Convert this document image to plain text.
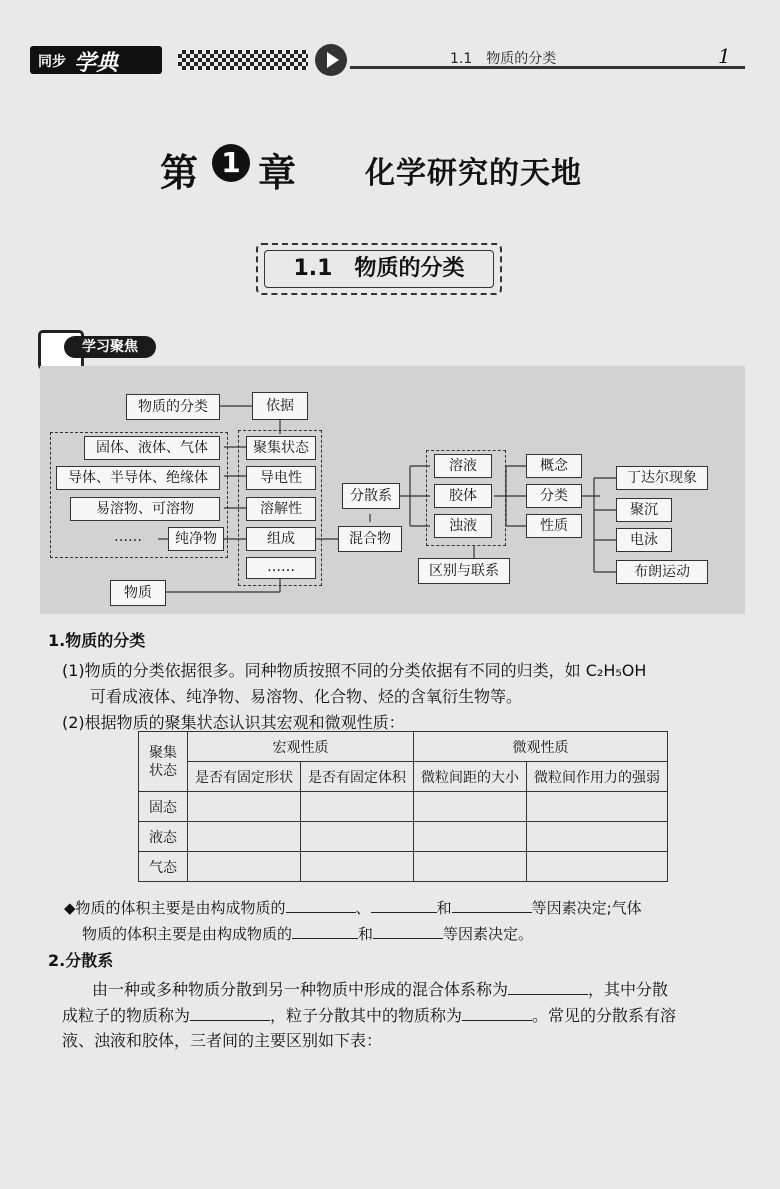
同步 学典	1.1　物质的分类	1
第 1 章 化学研究的天地
1.1　物质的分类
学习聚焦
物质的分类	依据
固体、液体、气体
导体、半导体、绝缘体
易溶物、可溶物
……	纯净物
物质
聚集状态
导电性
溶解性
组成
……
分散系
混合物
溶液
胶体
浊液
区别与联系
概念
分类
性质
丁达尔现象
聚沉
电泳
布朗运动
1.物质的分类
(1)物质的分类依据很多。同种物质按照不同的分类依据有不同的归类，如 C₂H₅OH
可看成液体、纯净物、易溶物、化合物、烃的含氧衍生物等。
(2)根据物质的聚集状态认识其宏观和微观性质：
聚集状态	宏观性质		微观性质	
	是否有固定形状	是否有固定体积	微粒间距的大小	微粒间作用力的强弱
固态				
液态				
气态				
◆物质的体积主要是由构成物质的	、	和	等因素决定;气体
物质的体积主要是由构成物质的	和	等因素决定。
2.分散系
由一种或多种物质分散到另一种物质中形成的混合体系称为	，其中分散
成粒子的物质称为	，粒子分散其中的物质称为	。常见的分散系有溶
液、浊液和胶体，三者间的主要区别如下表：
